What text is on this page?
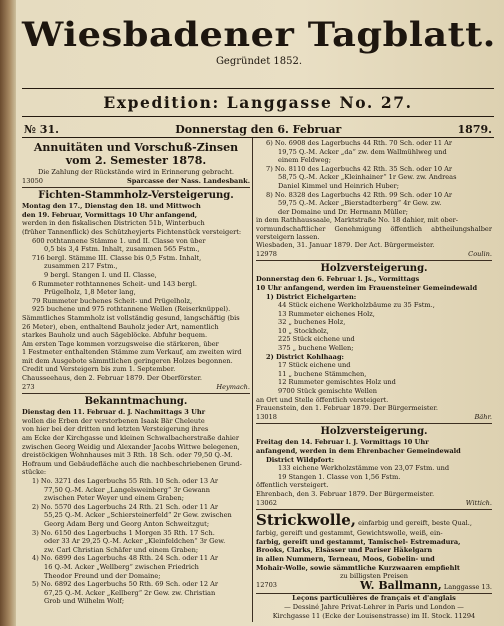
Wiesbadener Tagblatt.
Gegründet 1852.
Expedition: Langgasse No. 27.
№ 31.	Donnerstag den 6. Februar	1879.
Annuitäten und Vorschuß-Zinsen vom 2. Semester 1878.

Die Zahlung der Rückstände wird in Erinnerung gebracht.

13050	Sparcasse der Nass. Landesbank.
Fichten-Stammholz-Versteigerung.

Montag den 17., Dienstag den 18. und Mittwoch

den 19. Februar, Vormittags 10 Uhr anfangend,

werden in den fiskalischen Districten 51b, Winterbuch

(früher Tannenflick) des Schützheyjerts Fichtenstück versteigert:

600 rothtannene Stämme 1. und II. Classe von über

0,5 bis 3,4 Fstm. Inhalt, zusammen 565 Fstm.,

716 bergl. Stämme III. Classe bis 0,5 Fstm. Inhalt,

zusammen 217 Fstm.,

9 bergl. Stangen I. und II. Classe,

6 Rummeter rothtannenes Scheit- und 143 bergl.

Prügelholz, 1,8 Meter lang,

79 Rummeter buchenes Scheit- und Prügelholz,

925 buchene und 975 rothtannene Wellen (Reiserknüppel).

Sämmtliches Stammholz ist vollständig gesund, langschäftig (bis

26 Meter), eben, enthaltend Bauholz jeder Art, namentlich

starkes Bauholz und auch Sägeblöcke. Abfuhr bequem.

Am ersten Tage kommen vorzugsweise die stärkeren, über

1 Festmeter enthaltenden Stämme zum Verkauf, am zweiten wird

mit dem Ausgebote sämmtlichen geringeren Holzes begonnen.

Credit und Versteigern bis zum 1. September.

Chausseehaus, den 2. Februar 1879. Der Oberförster.

273	Heymach.
Bekanntmachung.

Dienstag den 11. Februar d. J. Nachmittags 3 Uhr

wollen die Erben der verstorbenen Isaak Bär Cheleute

von hier bei der dritten und letzten Versteigerung ihres

am Ecke der Kirchgasse und kleinen Schwalbacherstraße dahier

zwischen Georg Weidig und Alexander Jacobs Wittwe belegenen,

dreistöckigen Wohnhauses mit 3 Rth. 18 Sch. oder 79,50 Q.-M.

Hofraum und Gebäudefläche auch die nachbeschriebenen Grund-

stücke:

1) No. 3271 des Lagerbuchs 55 Rth. 10 Sch. oder 13 Ar

77,50 Q.-M. Acker „Langelsweinberg“ 3r Gewann

zwischen Peter Weyer und einem Graben;

2) No. 5570 des Lagerbuchs 24 Rth. 21 Sch. oder 11 Ar

55,25 Q.-M. Acker „Schiersteinerfeld“ 2r Gew. zwischen

Georg Adam Berg und Georg Anton Schweitzgut;

3) No. 6150 des Lagerbuchs 1 Morgen 35 Rth. 17 Sch.

oder 33 Ar 29,25 Q.-M. Acker „Kleinfeldchen“ 3r Gew.

zw. Carl Christian Schäfer und einem Graben;

4) No. 6899 des Lagerbuchs 48 Rth. 24 Sch. oder 11 Ar

16 Q.-M. Acker „Wellberg“ zwischen Friedrich

Theodor Freund und der Domaine;

5) No. 6892 des Lagerbuchs 50 Rth. 69 Sch. oder 12 Ar

67,25 Q.-M. Acker „Kellberg“ 2r Gew. zw. Christian

Grob und Wilhelm Wolf;

6) No. 6908 des Lagerbuchs 44 Rth. 70 Sch. oder 11 Ar

19,75 Q.-M. Acker „da“ zw. dem Wallmühlweg und

einem Feldweg;

7) No. 8110 des Lagerbuchs 42 Rth. 35 Sch. oder 10 Ar

58,75 Q.-M. Acker „Kleinhainer“ 1r Gew. zw. Andreas

Daniel Kimmel und Heinrich Huber;

8) No. 8328 des Lagerbuchs 42 Rth. 99 Sch. oder 10 Ar

59,75 Q.-M. Acker „Bierstadterberg“ 4r Gew. zw.

der Domaine und Dr. Hermann Müller;

in dem Rathhaussaale, Marktstraße No. 18 dahier, mit ober-

vormundschaftlicher Genehmigung öffentlich abtheilungshalber versteigern lassen.

Wiesbaden, 31. Januar 1879. Der Act. Bürgermeister.

12978	Coulin.
Holzversteigerung.

Donnerstag den 6. Februar l. Js., Vormittags

10 Uhr anfangend, werden im Frauensteiner Gemeindewald

1) District Eichelgarten:

44 Stück eichene Werkholzbäume zu 35 Fstm.,

13 Rummeter eichenes Holz,

32 „ buchenes Holz,

10 „ Stockholz,

225 Stück eichene und

375 „ buchene Wellen;

2) District Kohlhaag:

17 Stück eichene und

11 „ buchene Stämmchen,

12 Rummeter gemischtes Holz und

9700 Stück gemischte Wellen

an Ort und Stelle öffentlich versteigert.

Frauenstein, den 1. Februar 1879. Der Bürgermeister.

13018	Bähr.
Holzversteigerung.

Freitag den 14. Februar l. J. Vormittags 10 Uhr

anfangend, werden in dem Ehrenbacher Gemeindewald

District Wildpfort:

133 eichene Werkholzstämme von 23,07 Fstm. und

19 Stangen 1. Classe von 1,56 Fstm.

öffentlich versteigert.

Ehrenbach, den 3. Februar 1879. Der Bürgermeister.

13062	Wittich.

Strickwolle, einfarbig und gereift, beste Qual.,

farbig, gereift und gestammt, Gewichtswolle, weiß, ein-

farbig, gereift und gestammt, Tamischel- Estremadura,

Brooks, Clarks, Elsässer und Pariser Häkelgarn

in allen Nummern, Terneau, Moos, Gobelin- und

Mohair-Wolle, sowie sämmtliche Kurzwaaren empfiehlt

zu billigsten Preisen

12703	W. Ballmann, Langgasse 13.

Leçons particulières de français et d'anglais

— Dessiné Jahre Privat-Lehrer in Paris und London —

Kirchgasse 11 (Ecke der Louisenstrasse) im II. Stock. 11294
